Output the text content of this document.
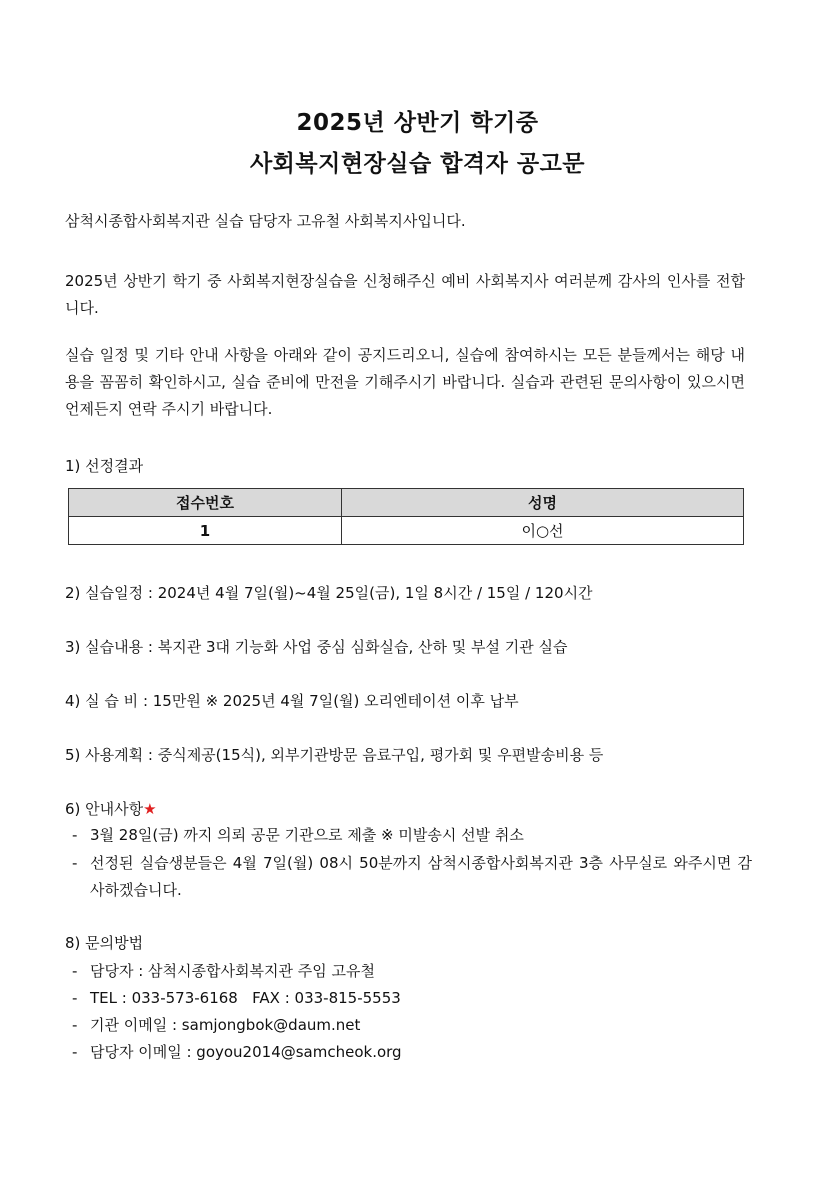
2025년 상반기 학기중
사회복지현장실습 합격자 공고문
삼척시종합사회복지관 실습 담당자 고유철 사회복지사입니다.
2025년 상반기 학기 중 사회복지현장실습을 신청해주신 예비 사회복지사 여러분께 감사의 인사를 전합니다.
실습 일정 및 기타 안내 사항을 아래와 같이 공지드리오니, 실습에 참여하시는 모든 분들께서는 해당 내용을 꼼꼼히 확인하시고, 실습 준비에 만전을 기해주시기 바랍니다. 실습과 관련된 문의사항이 있으시면 언제든지 연락 주시기 바랍니다.
1) 선정결과
접수번호	성명
1	이○선
2) 실습일정 : 2024년 4월 7일(월)~4월 25일(금), 1일 8시간 / 15일 / 120시간
3) 실습내용 : 복지관 3대 기능화 사업 중심 심화실습, 산하 및 부설 기관 실습
4) 실 습 비 : 15만원 ※ 2025년 4월 7일(월) 오리엔테이션 이후 납부
5) 사용계획 : 중식제공(15식), 외부기관방문 음료구입, 평가회 및 우편발송비용 등
6) 안내사항★
- 3월 28일(금) 까지 의뢰 공문 기관으로 제출 ※ 미발송시 선발 취소
- 선정된 실습생분들은 4월 7일(월) 08시 50분까지 삼척시종합사회복지관 3층 사무실로 와주시면 감사하겠습니다.
8) 문의방법
- 담당자 : 삼척시종합사회복지관 주임 고유철
- TEL : 033-573-6168   FAX : 033-815-5553
- 기관 이메일 : samjongbok@daum.net
- 담당자 이메일 : goyou2014@samcheok.org
